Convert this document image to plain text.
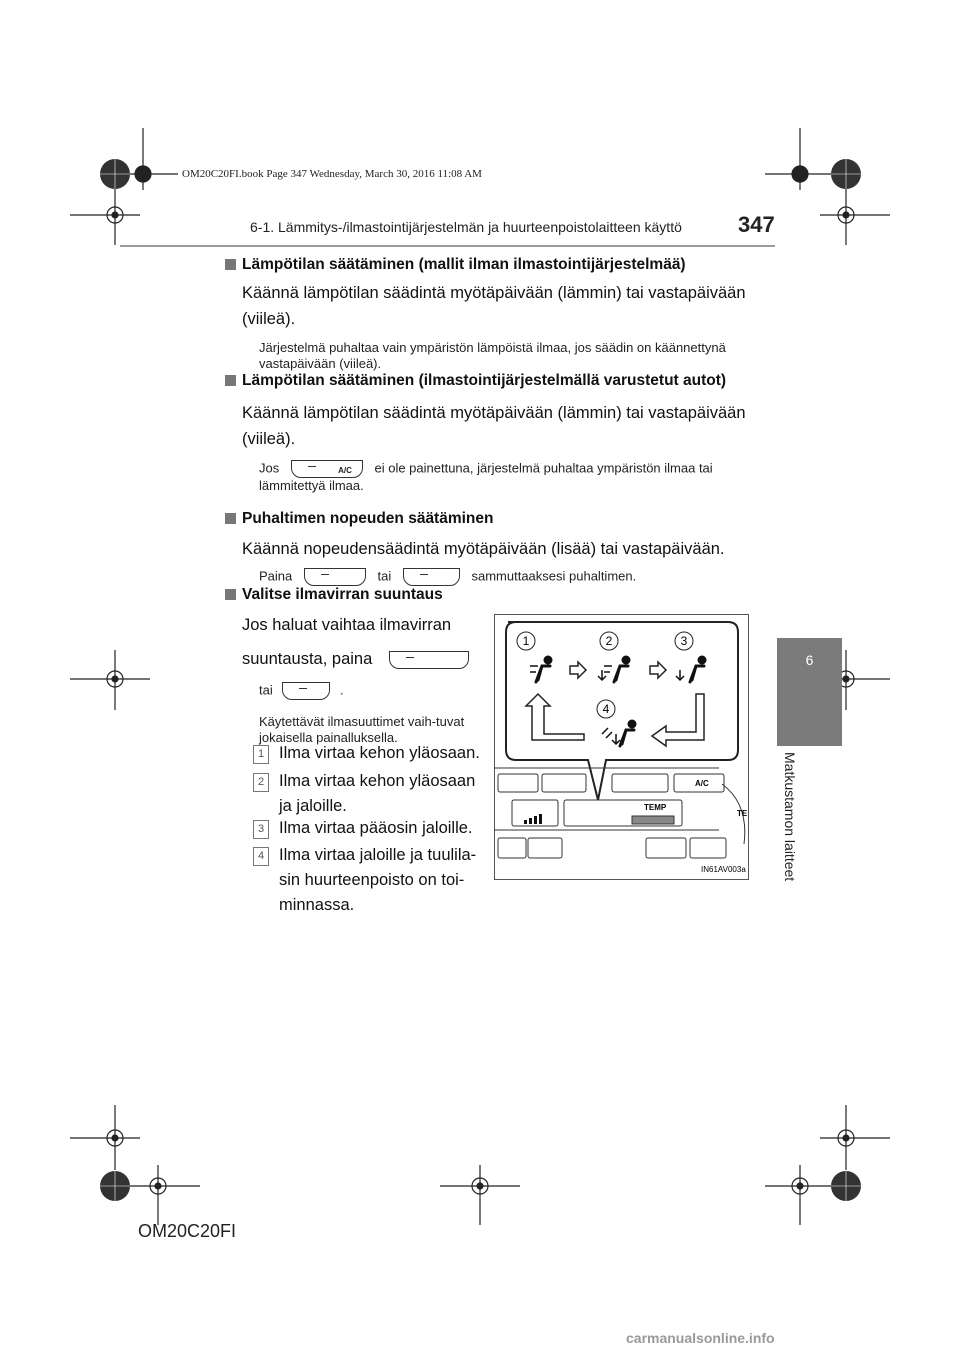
OM20C20FI.book Page 347 Wednesday, March 30, 2016 11:08 AM
6-1. Lämmitys-/ilmastointijärjestelmän ja huurteenpoistolaitteen käyttö	347
6
Matkustamon laitteet
Lämpötilan säätäminen (mallit ilman ilmastointijärjestelmää)
Käännä lämpötilan säädintä myötäpäivään (lämmin) tai vastapäivään (viileä).
Järjestelmä puhaltaa vain ympäristön lämpöistä ilmaa, jos säädin on käännettynä vastapäivään (viileä).
Lämpötilan säätäminen (ilmastointijärjestelmällä varustetut autot)
Käännä lämpötilan säädintä myötäpäivään (lämmin) tai vastapäivään (viileä).
Jos	A/C ei ole painettuna, järjestelmä puhaltaa ympäristön ilmaa tai lämmitettyä ilmaa.
Puhaltimen nopeuden säätäminen
Käännä nopeudensäädintä myötäpäivään (lisää) tai vastapäivään.
Paina	tai	sammuttaaksesi puhaltimen.
Valitse ilmavirran suuntaus
Jos haluat vaihtaa ilmavirran
suuntausta, paina
tai	.
Käytettävät ilmasuuttimet vaih-tuvat jokaisella painalluksella.
1 Ilma virtaa kehon yläosaan.
2 Ilma virtaa kehon yläosaan ja jaloille.
3 Ilma virtaa pääosin jaloille.
4 Ilma virtaa jaloille ja tuulila-sin huurteenpoisto on toi-minnassa.
1	2	3
4
A/C
TEMP
TE
IN61AV003a
OM20C20FI
carmanualsonline.info
